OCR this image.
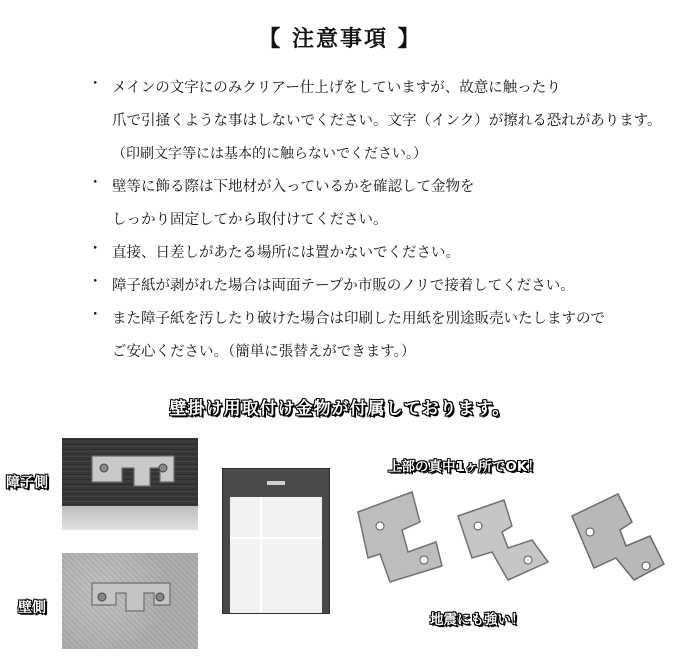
【 注意事項 】
・ メインの文字にのみクリアー仕上げをしていますが、故意に触ったり
爪で引掻くような事はしないでください。文字（インク）が擦れる恐れがあります。
（印刷文字等には基本的に触らないでください。）
・ 壁等に飾る際は下地材が入っているかを確認して金物を
しっかり固定してから取付けてください。
・ 直接、日差しがあたる場所には置かないでください。
・ 障子紙が剥がれた場合は両面テープか市販のノリで接着してください。
・ また障子紙を汚したり破けた場合は印刷した用紙を別途販売いたしますので
ご安心ください。（簡単に張替えができます。）
壁掛け用取付け金物が付属しております。
障子側
壁側
上部の真中1ヶ所でOK！
地震にも強い！
